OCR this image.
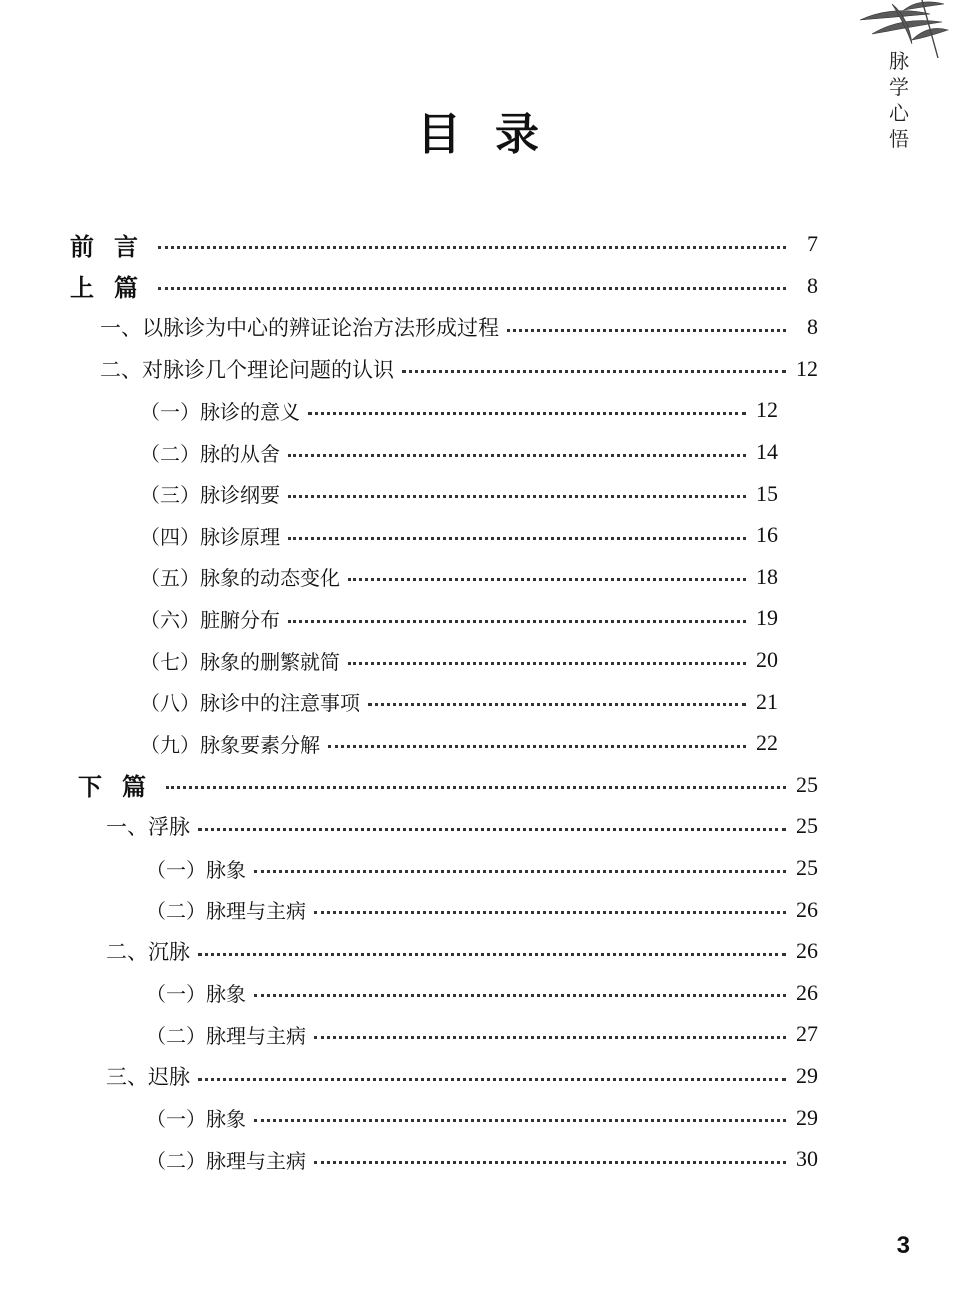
脉
学
心
悟
目录
前言	7
上篇	8
一、以脉诊为中心的辨证论治方法形成过程	8
二、对脉诊几个理论问题的认识	12
（一）脉诊的意义	12
（二）脉的从舍	14
（三）脉诊纲要	15
（四）脉诊原理	16
（五）脉象的动态变化	18
（六）脏腑分布	19
（七）脉象的删繁就简	20
（八）脉诊中的注意事项	21
（九）脉象要素分解	22
下篇	25
一、浮脉	25
（一）脉象	25
（二）脉理与主病	26
二、沉脉	26
（一）脉象	26
（二）脉理与主病	27
三、迟脉	29
（一）脉象	29
（二）脉理与主病	30
3
